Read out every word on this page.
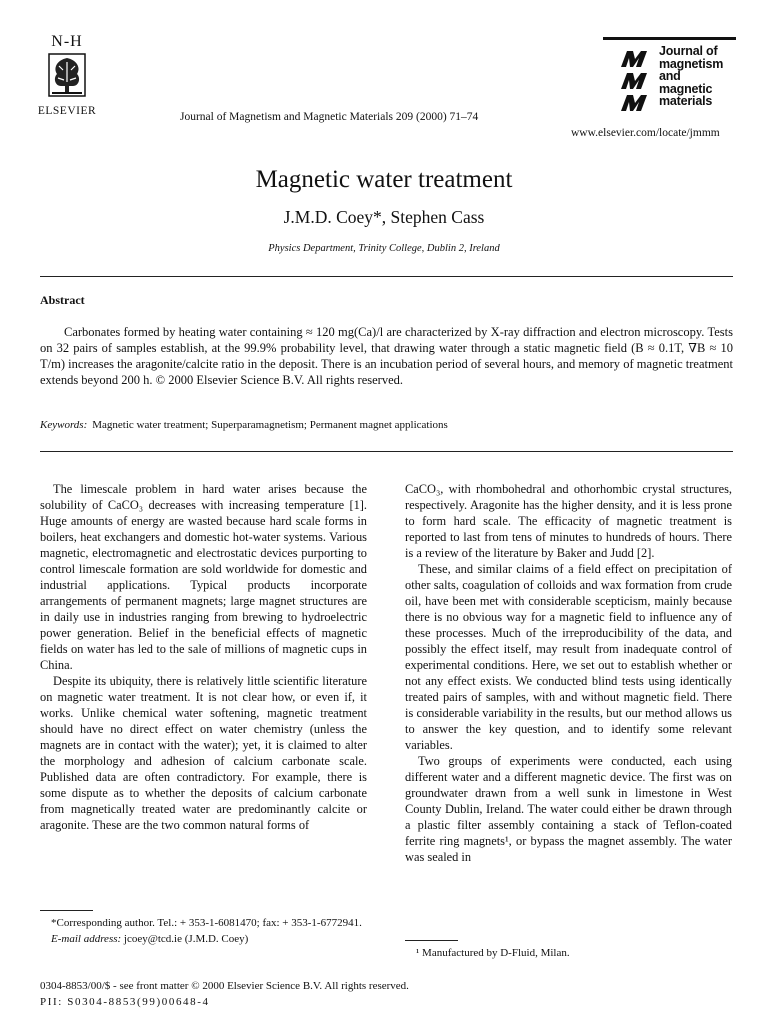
N-H
ELSEVIER	Journal of Magnetism and Magnetic Materials 209 (2000) 71–74
Journal of
magnetism
and
magnetic
materials
www.elsevier.com/locate/jmmm
Magnetic water treatment
J.M.D. Coey*, Stephen Cass
Physics Department, Trinity College, Dublin 2, Ireland
Abstract

Carbonates formed by heating water containing ≈ 120 mg(Ca)/l are characterized by X-ray diffraction and electron microscopy. Tests on 32 pairs of samples establish, at the 99.9% probability level, that drawing water through a static magnetic field (B ≈ 0.1T, ∇B ≈ 10 T/m) increases the aragonite/calcite ratio in the deposit. There is an incubation period of several hours, and memory of magnetic treatment extends beyond 200 h. © 2000 Elsevier Science B.V. All rights reserved.

Keywords: Magnetic water treatment; Superparamagnetism; Permanent magnet applications

The limescale problem in hard water arises because the solubility of CaCO₃ decreases with increasing temperature [1]. Huge amounts of energy are wasted because hard scale forms in boilers, heat exchangers and domestic hot-water systems. Various magnetic, electromagnetic and electrostatic devices purporting to control limescale formation are sold worldwide for domestic and industrial applications. Typical products incorporate arrangements of permanent magnets; large magnet structures are in daily use in industries ranging from brewing to hydroelectric power generation. Belief in the beneficial effects of magnetic fields on water has led to the sale of millions of magnetic cups in China.

Despite its ubiquity, there is relatively little scientific literature on magnetic water treatment. It is not clear how, or even if, it works. Unlike chemical water softening, magnetic treatment should have no direct effect on water chemistry (unless the magnets are in contact with the water); yet, it is claimed to alter the morphology and adhesion of calcium carbonate scale. Published data are often contradictory. For example, there is some dispute as to whether the deposits of calcium carbonate from magnetically treated water are predominantly calcite or aragonite. These are the two common natural forms of

CaCO₃, with rhombohedral and othorhombic crystal structures, respectively. Aragonite has the higher density, and it is less prone to form hard scale. The efficacity of magnetic treatment is reported to last from tens of minutes to hundreds of hours. There is a review of the literature by Baker and Judd [2].

These, and similar claims of a field effect on precipitation of other salts, coagulation of colloids and wax formation from crude oil, have been met with considerable scepticism, mainly because there is no obvious way for a magnetic field to influence any of these processes. Much of the irreproducibility of the data, and possibly the effect itself, may result from inadequate control of experimental conditions. Here, we set out to establish whether or not any effect exists. We conducted blind tests using identically treated pairs of samples, with and without magnetic field. There is considerable variability in the results, but our method allows us to answer the key question, and to identify some relevant variables.

Two groups of experiments were conducted, each using different water and a different magnetic device. The first was on groundwater drawn from a well sunk in limestone in West County Dublin, Ireland. The water could either be drawn through a plastic filter assembly containing a stack of Teflon-coated ferrite ring magnets¹, or bypass the magnet assembly. The water was sealed in

*Corresponding author. Tel.: + 353-1-6081470; fax: + 353-1-6772941.

E-mail address: jcoey@tcd.ie (J.M.D. Coey)

¹ Manufactured by D-Fluid, Milan.

0304-8853/00/$ - see front matter © 2000 Elsevier Science B.V. All rights reserved.
PII: S0304-8853(99)00648-4
